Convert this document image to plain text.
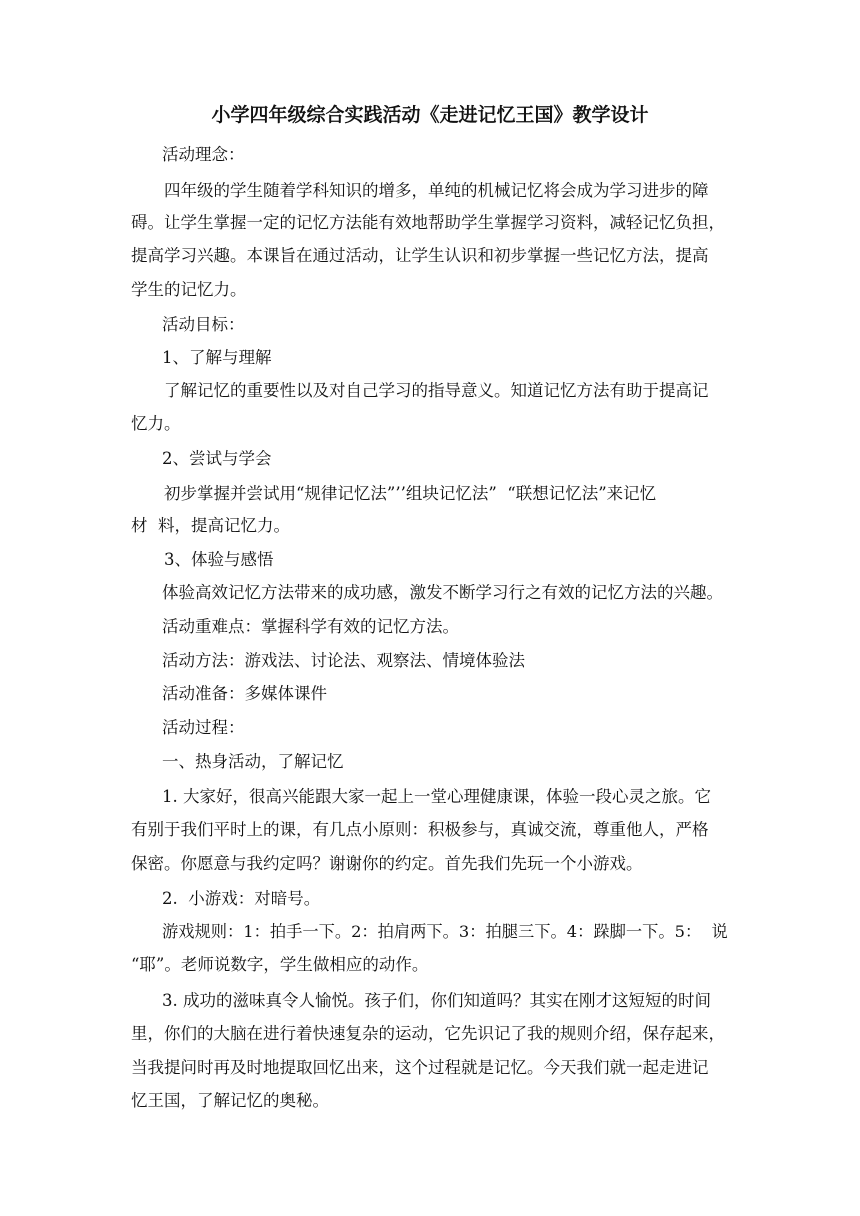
小学四年级综合实践活动《走进记忆王国》教学设计
活动理念：
四年级的学生随着学科知识的增多，单纯的机械记忆将会成为学习进步的障
碍。让学生掌握一定的记忆方法能有效地帮助学生掌握学习资料，减轻记忆负担，
提高学习兴趣。本课旨在通过活动，让学生认识和初步掌握一些记忆方法，提高
学生的记忆力。
活动目标：
1、了解与理解
了解记忆的重要性以及对自己学习的指导意义。知道记忆方法有助于提高记
忆力。
2、尝试与学会
初步掌握并尝试用“规律记忆法”’’组块记忆法”  “联想记忆法”来记忆
材  料，提高记忆力。
3、体验与感悟
体验高效记忆方法带来的成功感，激发不断学习行之有效的记忆方法的兴趣。
活动重难点：掌握科学有效的记忆方法。
活动方法：游戏法、讨论法、观察法、情境体验法
活动准备：多媒体课件
活动过程：
一、热身活动，了解记忆
1. 大家好，很高兴能跟大家一起上一堂心理健康课，体验一段心灵之旅。它
有别于我们平时上的课，有几点小原则：积极参与，真诚交流，尊重他人，严格
保密。你愿意与我约定吗？谢谢你的约定。首先我们先玩一个小游戏。
2.  小游戏：对暗号。
游戏规则：1：拍手一下。2：拍肩两下。3：拍腿三下。4：跺脚一下。5：  说
“耶”。老师说数字，学生做相应的动作。
3. 成功的滋味真令人愉悦。孩子们，你们知道吗？其实在刚才这短短的时间
里，你们的大脑在进行着快速复杂的运动，它先识记了我的规则介绍，保存起来，
当我提问时再及时地提取回忆出来，这个过程就是记忆。今天我们就一起走进记
忆王国，了解记忆的奥秘。
